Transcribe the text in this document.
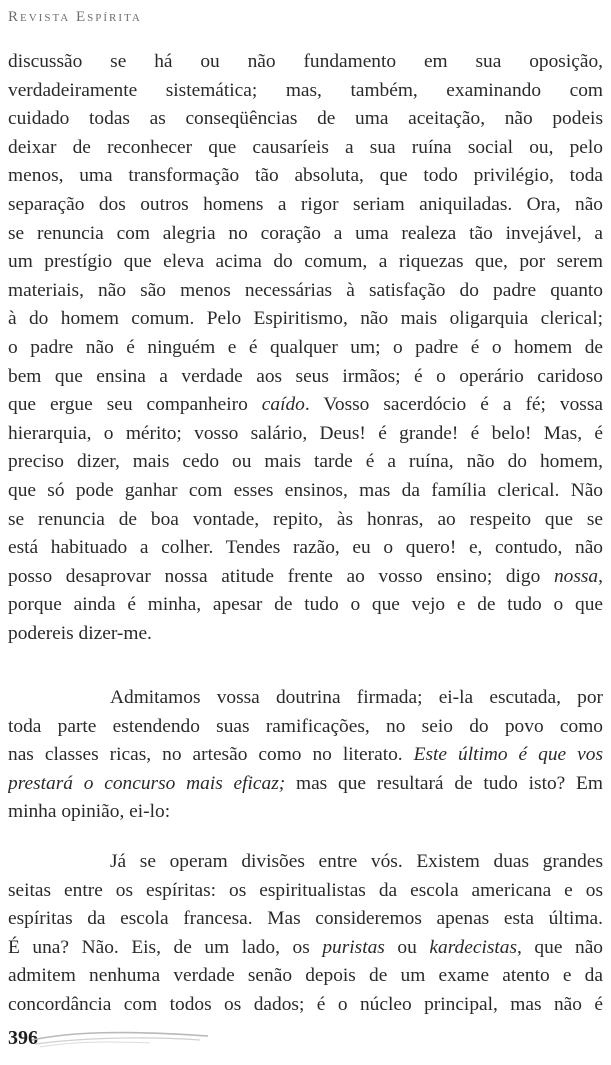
Revista Espírita
discussão se há ou não fundamento em sua oposição,
verdadeiramente sistemática; mas, também, examinando com
cuidado todas as conseqüências de uma aceitação, não podeis
deixar de reconhecer que causaríeis a sua ruína social ou, pelo
menos, uma transformação tão absoluta, que todo privilégio, toda
separação dos outros homens a rigor seriam aniquiladas. Ora, não
se renuncia com alegria no coração a uma realeza tão invejável, a
um prestígio que eleva acima do comum, a riquezas que, por serem
materiais, não são menos necessárias à satisfação do padre quanto
à do homem comum. Pelo Espiritismo, não mais oligarquia clerical;
o padre não é ninguém e é qualquer um; o padre é o homem de
bem que ensina a verdade aos seus irmãos; é o operário caridoso
que ergue seu companheiro caído. Vosso sacerdócio é a fé; vossa
hierarquia, o mérito; vosso salário, Deus! é grande! é belo! Mas, é
preciso dizer, mais cedo ou mais tarde é a ruína, não do homem,
que só pode ganhar com esses ensinos, mas da família clerical. Não
se renuncia de boa vontade, repito, às honras, ao respeito que se
está habituado a colher. Tendes razão, eu o quero! e, contudo, não
posso desaprovar nossa atitude frente ao vosso ensino; digo nossa,
porque ainda é minha, apesar de tudo o que vejo e de tudo o que
podereis dizer-me.
Admitamos vossa doutrina firmada; ei-la escutada, por
toda parte estendendo suas ramificações, no seio do povo como
nas classes ricas, no artesão como no literato. Este último é que vos
prestará o concurso mais eficaz; mas que resultará de tudo isto? Em
minha opinião, ei-lo:
Já se operam divisões entre vós. Existem duas grandes
seitas entre os espíritas: os espiritualistas da escola americana e os
espíritas da escola francesa. Mas consideremos apenas esta última.
É una? Não. Eis, de um lado, os puristas ou kardecistas, que não
admitem nenhuma verdade senão depois de um exame atento e da
concordância com todos os dados; é o núcleo principal, mas não é
396
